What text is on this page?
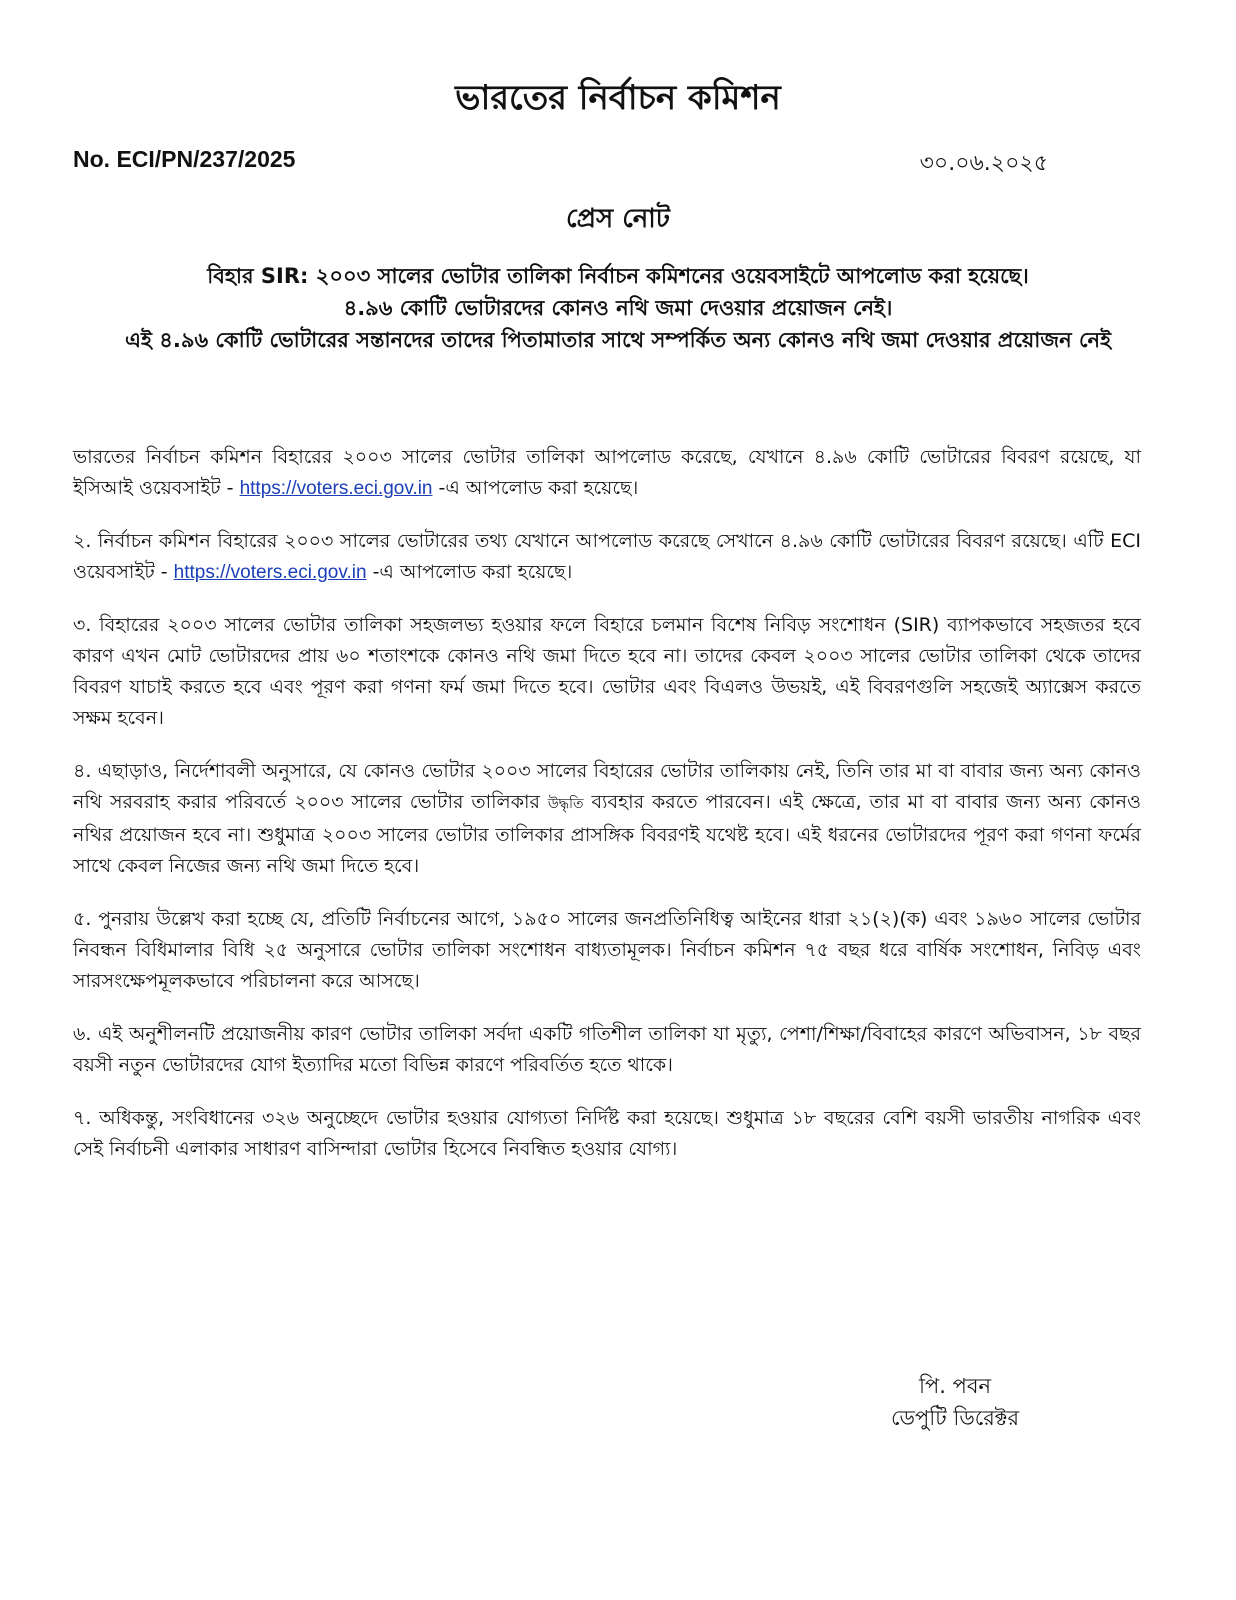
ভারতের নির্বাচন কমিশন
No. ECI/PN/237/2025	৩০.০৬.২০২৫
প্রেস নোট
বিহার SIR: ২০০৩ সালের ভোটার তালিকা নির্বাচন কমিশনের ওয়েবসাইটে আপলোড করা হয়েছে।
৪.৯৬ কোটি ভোটারদের কোনও নথি জমা দেওয়ার প্রয়োজন নেই।
এই ৪.৯৬ কোটি ভোটারের সন্তানদের তাদের পিতামাতার সাথে সম্পর্কিত অন্য কোনও নথি জমা দেওয়ার প্রয়োজন নেই

ভারতের নির্বাচন কমিশন বিহারের ২০০৩ সালের ভোটার তালিকা আপলোড করেছে, যেখানে ৪.৯৬ কোটি ভোটারের বিবরণ রয়েছে, যা ইসিআই ওয়েবসাইট - https://voters.eci.gov.in -এ আপলোড করা হয়েছে।

২. নির্বাচন কমিশন বিহারের ২০০৩ সালের ভোটারের তথ্য যেখানে আপলোড করেছে সেখানে ৪.৯৬ কোটি ভোটারের বিবরণ রয়েছে। এটি ECI ওয়েবসাইট - https://voters.eci.gov.in -এ আপলোড করা হয়েছে।

৩. বিহারের ২০০৩ সালের ভোটার তালিকা সহজলভ্য হওয়ার ফলে বিহারে চলমান বিশেষ নিবিড় সংশোধন (SIR) ব্যাপকভাবে সহজতর হবে কারণ এখন মোট ভোটারদের প্রায় ৬০ শতাংশকে কোনও নথি জমা দিতে হবে না। তাদের কেবল ২০০৩ সালের ভোটার তালিকা থেকে তাদের বিবরণ যাচাই করতে হবে এবং পূরণ করা গণনা ফর্ম জমা দিতে হবে। ভোটার এবং বিএলও উভয়ই, এই বিবরণগুলি সহজেই অ্যাক্সেস করতে সক্ষম হবেন।

৪. এছাড়াও, নির্দেশাবলী অনুসারে, যে কোনও ভোটার ২০০৩ সালের বিহারের ভোটার তালিকায় নেই, তিনি তার মা বা বাবার জন্য অন্য কোনও নথি সরবরাহ করার পরিবর্তে ২০০৩ সালের ভোটার তালিকার উদ্ধৃতি ব্যবহার করতে পারবেন। এই ক্ষেত্রে, তার মা বা বাবার জন্য অন্য কোনও নথির প্রয়োজন হবে না। শুধুমাত্র ২০০৩ সালের ভোটার তালিকার প্রাসঙ্গিক বিবরণই যথেষ্ট হবে। এই ধরনের ভোটারদের পূরণ করা গণনা ফর্মের সাথে কেবল নিজের জন্য নথি জমা দিতে হবে।

৫. পুনরায় উল্লেখ করা হচ্ছে যে, প্রতিটি নির্বাচনের আগে, ১৯৫০ সালের জনপ্রতিনিধিত্ব আইনের ধারা ২১(২)(ক) এবং ১৯৬০ সালের ভোটার নিবন্ধন বিধিমালার বিধি ২৫ অনুসারে ভোটার তালিকা সংশোধন বাধ্যতামূলক। নির্বাচন কমিশন ৭৫ বছর ধরে বার্ষিক সংশোধন, নিবিড় এবং সারসংক্ষেপমূলকভাবে পরিচালনা করে আসছে।

৬. এই অনুশীলনটি প্রয়োজনীয় কারণ ভোটার তালিকা সর্বদা একটি গতিশীল তালিকা যা মৃত্যু, পেশা/শিক্ষা/বিবাহের কারণে অভিবাসন, ১৮ বছর বয়সী নতুন ভোটারদের যোগ ইত্যাদির মতো বিভিন্ন কারণে পরিবর্তিত হতে থাকে।

৭. অধিকন্তু, সংবিধানের ৩২৬ অনুচ্ছেদে ভোটার হওয়ার যোগ্যতা নির্দিষ্ট করা হয়েছে। শুধুমাত্র ১৮ বছরের বেশি বয়সী ভারতীয় নাগরিক এবং সেই নির্বাচনী এলাকার সাধারণ বাসিন্দারা ভোটার হিসেবে নিবন্ধিত হওয়ার যোগ্য।

পি. পবন
ডেপুটি ডিরেক্টর
